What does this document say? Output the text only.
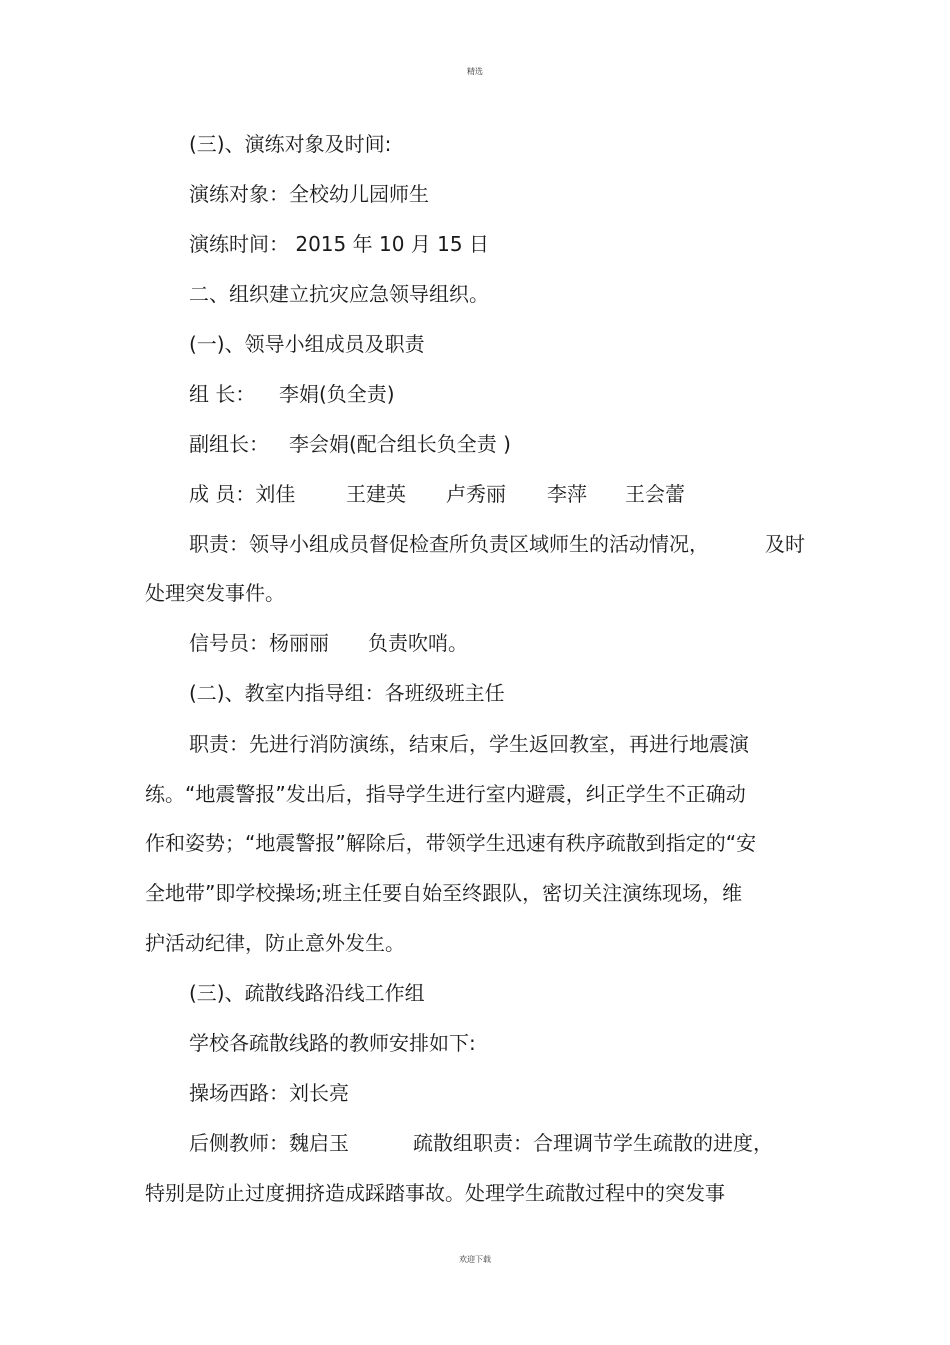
精选
(三)、演练对象及时间:
演练对象：全校幼儿园师生
演练时间： 2015 年 10 月 15 日
二、组织建立抗灾应急领导组织。
(一)、领导小组成员及职责
组 长： 李娟(负全责)
副组长： 李会娟(配合组长负全责 )
成 员：刘佳	王建英 卢秀丽 李萍 王会蕾
职责：领导小组成员督促检查所负责区域师生的活动情况，	及时
处理突发事件。
信号员：杨丽丽 负责吹哨。
(二)、教室内指导组：各班级班主任
职责：先进行消防演练，结束后，学生返回教室，再进行地震演
练。“地震警报”发出后，指导学生进行室内避震，纠正学生不正确动
作和姿势；“地震警报”解除后，带领学生迅速有秩序疏散到指定的“安
全地带”即学校操场;班主任要自始至终跟队，密切关注演练现场，维
护活动纪律，防止意外发生。
(三)、疏散线路沿线工作组
学校各疏散线路的教师安排如下:
操场西路：刘长亮
后侧教师：魏启玉	疏散组职责：合理调节学生疏散的进度，
特别是防止过度拥挤造成踩踏事故。处理学生疏散过程中的突发事
欢迎下载
